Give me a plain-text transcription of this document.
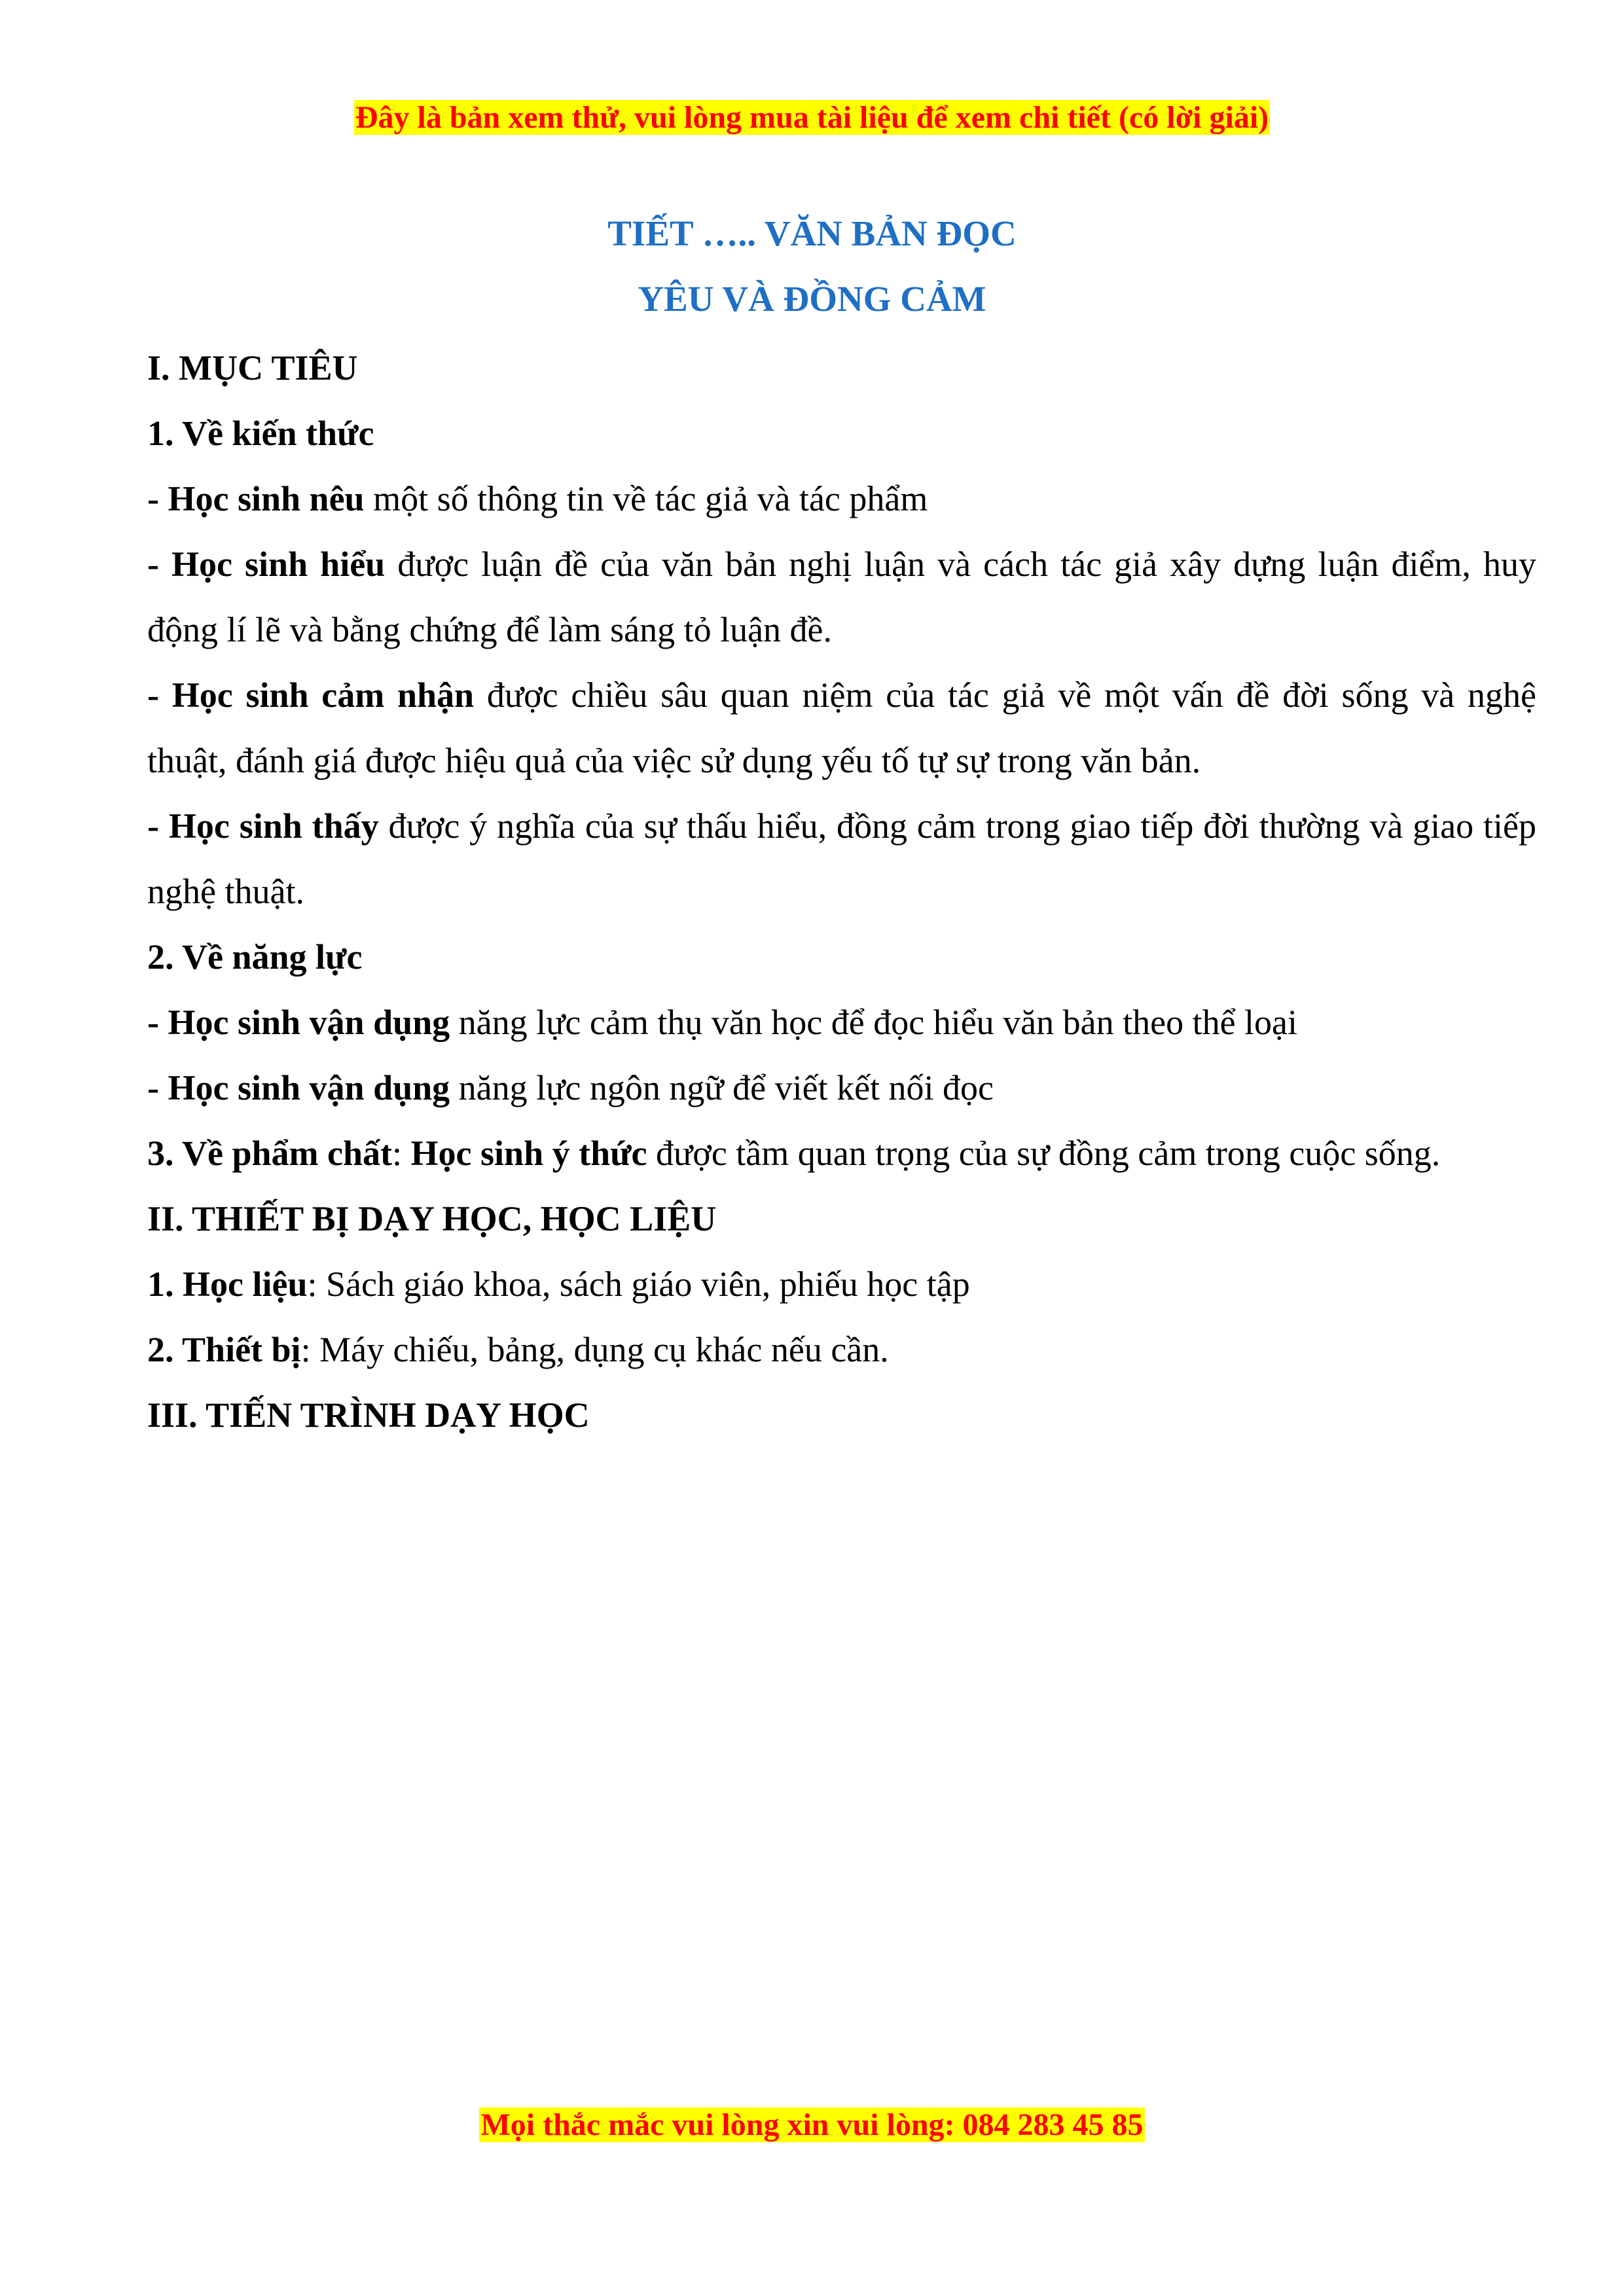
Đây là bản xem thử, vui lòng mua tài liệu để xem chi tiết (có lời giải)
TIẾT ….. VĂN BẢN ĐỌC
YÊU VÀ ĐỒNG CẢM

I. MỤC TIÊU

1. Về kiến thức

- Học sinh nêu một số thông tin về tác giả và tác phẩm

- Học sinh hiểu được luận đề của văn bản nghị luận và cách tác giả xây dựng luận điểm, huy động lí lẽ và bằng chứng để làm sáng tỏ luận đề.

- Học sinh cảm nhận được chiều sâu quan niệm của tác giả về một vấn đề đời sống và nghệ thuật, đánh giá được hiệu quả của việc sử dụng yếu tố tự sự trong văn bản.

- Học sinh thấy được ý nghĩa của sự thấu hiểu, đồng cảm trong giao tiếp đời thường và giao tiếp nghệ thuật.

2. Về năng lực

- Học sinh vận dụng năng lực cảm thụ văn học để đọc hiểu văn bản theo thể loại

- Học sinh vận dụng năng lực ngôn ngữ để viết kết nối đọc

3. Về phẩm chất: Học sinh ý thức được tầm quan trọng của sự đồng cảm trong cuộc sống.

II. THIẾT BỊ DẠY HỌC, HỌC LIỆU

1. Học liệu: Sách giáo khoa, sách giáo viên, phiếu học tập

2. Thiết bị: Máy chiếu, bảng, dụng cụ khác nếu cần.

III. TIẾN TRÌNH DẠY HỌC

Mọi thắc mắc vui lòng xin vui lòng: 084 283 45 85
